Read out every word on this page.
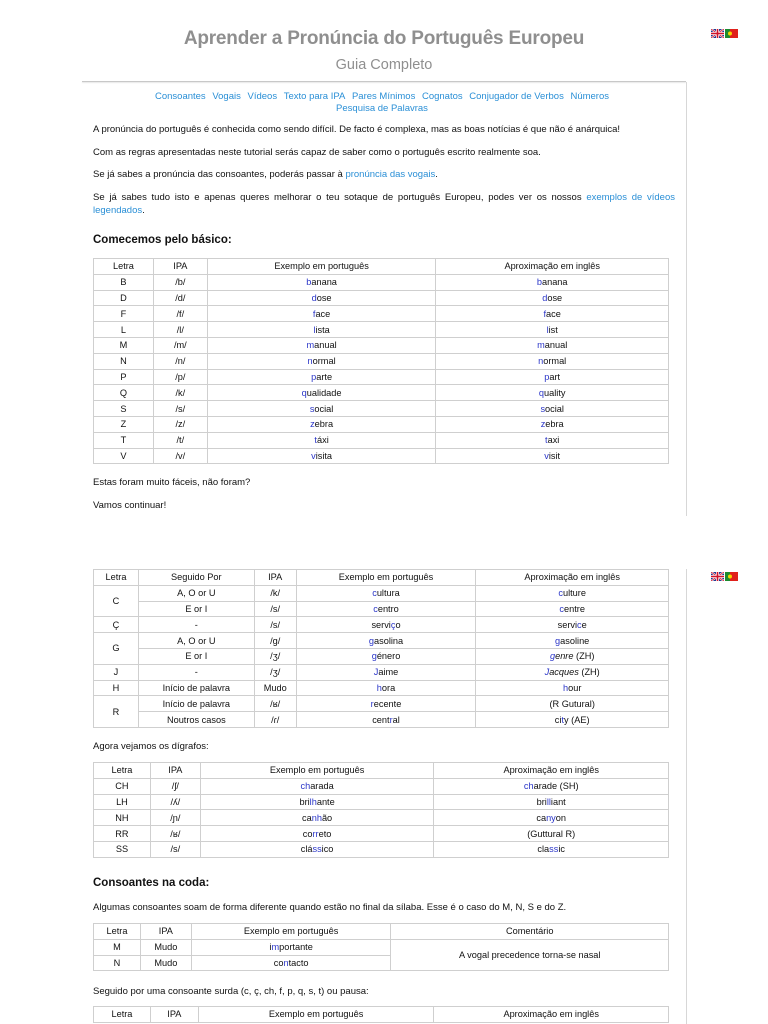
Aprender a Pronúncia do Português Europeu
Guia Completo
Consoantes Vogais Vídeos Texto para IPA Pares Mínimos Cognatos Conjugador de Verbos Números
Pesquisa de Palavras

A pronúncia do português é conhecida como sendo difícil. De facto é complexa, mas as boas notícias é que não é anárquica!

Com as regras apresentadas neste tutorial serás capaz de saber como o português escrito realmente soa.

Se já sabes a pronúncia das consoantes, poderás passar à pronúncia das vogais.

Se já sabes tudo isto e apenas queres melhorar o teu sotaque de português Europeu, podes ver os nossos exemplos de vídeos legendados.

Comecemos pelo básico:
Letra	IPA	Exemplo em português	Aproximação em inglês
B	/b/	banana	banana
D	/d/	dose	dose
F	/f/	face	face
L	/l/	lista	list
M	/m/	manual	manual
N	/n/	normal	normal
P	/p/	parte	part
Q	/k/	qualidade	quality
S	/s/	social	social
Z	/z/	zebra	zebra
T	/t/	táxi	taxi
V	/v/	visita	visit

Estas foram muito fáceis, não foram?

Vamos continuar!

Letra	Seguido Por	IPA	Exemplo em português	Aproximação em inglês
C	A, O or U	/k/	cultura	culture
	E or I	/s/	centro	centre
Ç	-	/s/	serviço	service
G	A, O or U	/g/	gasolina	gasoline
	E or I	/ʒ/	género	genre (ZH)
J	-	/ʒ/	Jaime	Jacques (ZH)
H	Início de palavra	Mudo	hora	hour
R	Início de palavra	/ʁ/	recente	(R Gutural)
	Noutros casos	/ɾ/	central	city (AE)

Agora vejamos os dígrafos:

Letra	IPA	Exemplo em português	Aproximação em inglês
CH	/ʃ/	charada	charade (SH)
LH	/ʎ/	brilhante	brilliant
NH	/ɲ/	canhão	canyon
RR	/ʁ/	correto	(Guttural R)
SS	/s/	clássico	classic
Consoantes na coda:

Algumas consoantes soam de forma diferente quando estão no final da sílaba. Esse é o caso do M, N, S e do Z.

Letra	IPA	Exemplo em português	Comentário
M	Mudo	importante	A vogal precedence torna-se nasal
N	Mudo	contacto	

Seguido por uma consoante surda (c, ç, ch, f, p, q, s, t) ou pausa:

Letra	IPA	Exemplo em português	Aproximação em inglês
